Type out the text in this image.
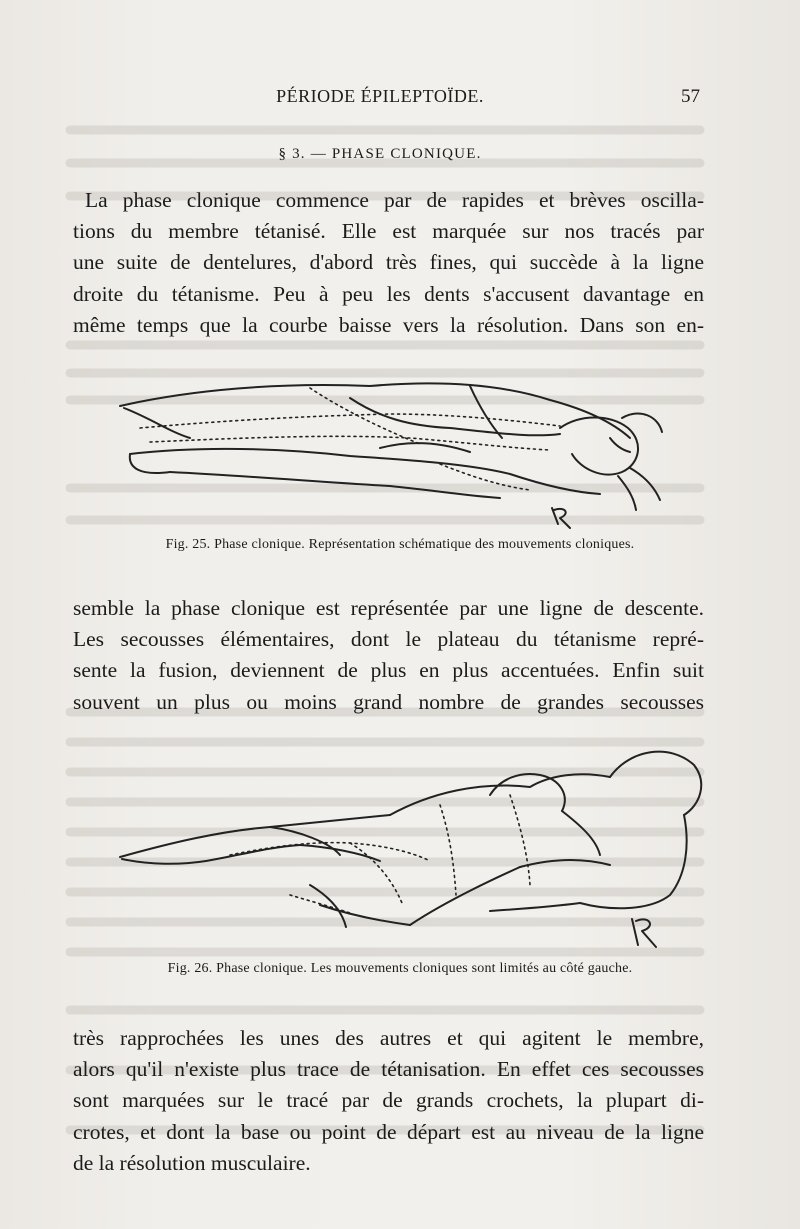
PÉRIODE ÉPILEPTOÏDE.	57
§ 3. — PHASE CLONIQUE.

La phase clonique commence par de rapides et brèves oscilla-
tions du membre tétanisé. Elle est marquée sur nos tracés par
une suite de dentelures, d'abord très fines, qui succède à la ligne
droite du tétanisme. Peu à peu les dents s'accusent davantage en
même temps que la courbe baisse vers la résolution. Dans son en-

Fig. 25. Phase clonique. Représentation schématique des mouvements cloniques.

semble la phase clonique est représentée par une ligne de descente.
Les secousses élémentaires, dont le plateau du tétanisme repré-
sente la fusion, deviennent de plus en plus accentuées. Enfin suit
souvent un plus ou moins grand nombre de grandes secousses

Fig. 26. Phase clonique. Les mouvements cloniques sont limités au côté gauche.

très rapprochées les unes des autres et qui agitent le membre,
alors qu'il n'existe plus trace de tétanisation. En effet ces secousses
sont marquées sur le tracé par de grands crochets, la plupart di-
crotes, et dont la base ou point de départ est au niveau de la ligne
de la résolution musculaire.
